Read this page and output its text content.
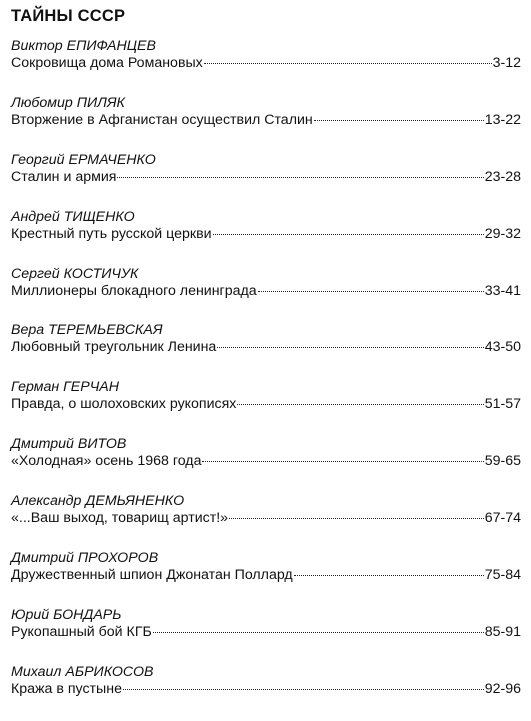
ТАЙНЫ СССР
Виктор ЕПИФАНЦЕВ
Сокровища дома Романовых	3-12
Любомир ПИЛЯК
Вторжение в Афганистан осуществил Сталин	13-22
Георгий ЕРМАЧЕНКО
Сталин и армия	23-28
Андрей ТИЩЕНКО
Крестный путь русской церкви	29-32
Сергей КОСТИЧУК
Миллионеры блокадного ленинграда	33-41
Вера ТЕРЕМЬЕВСКАЯ
Любовный треугольник Ленина	43-50
Герман ГЕРЧАН
Правда, о шолоховских рукописях	51-57
Дмитрий ВИТОВ
«Холодная» осень 1968 года	59-65
Александр ДЕМЬЯНЕНКО
«...Ваш выход, товарищ артист!»	67-74
Дмитрий ПРОХОРОВ
Дружественный шпион Джонатан Поллард	75-84
Юрий БОНДАРЬ
Рукопашный бой КГБ	85-91
Михаил АБРИКОСОВ
Кража в пустыне	92-96
